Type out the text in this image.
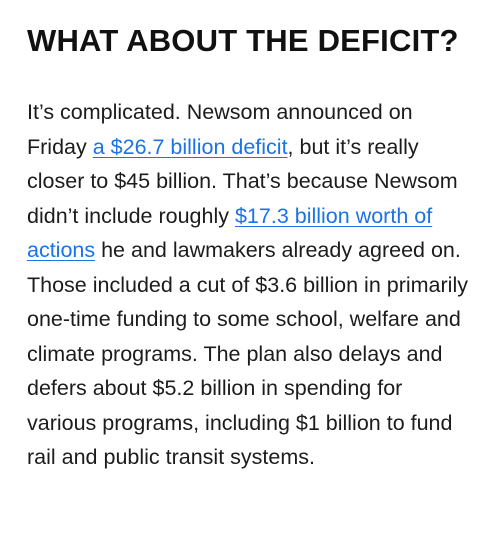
WHAT ABOUT THE DEFICIT?

It’s complicated. Newsom announced on Friday a $26.7 billion deficit, but it’s really closer to $45 billion. That’s because Newsom didn’t include roughly $17.3 billion worth of actions he and lawmakers already agreed on. Those included a cut of $3.6 billion in primarily one-time funding to some school, welfare and climate programs. The plan also delays and defers about $5.2 billion in spending for various programs, including $1 billion to fund rail and public transit systems.
